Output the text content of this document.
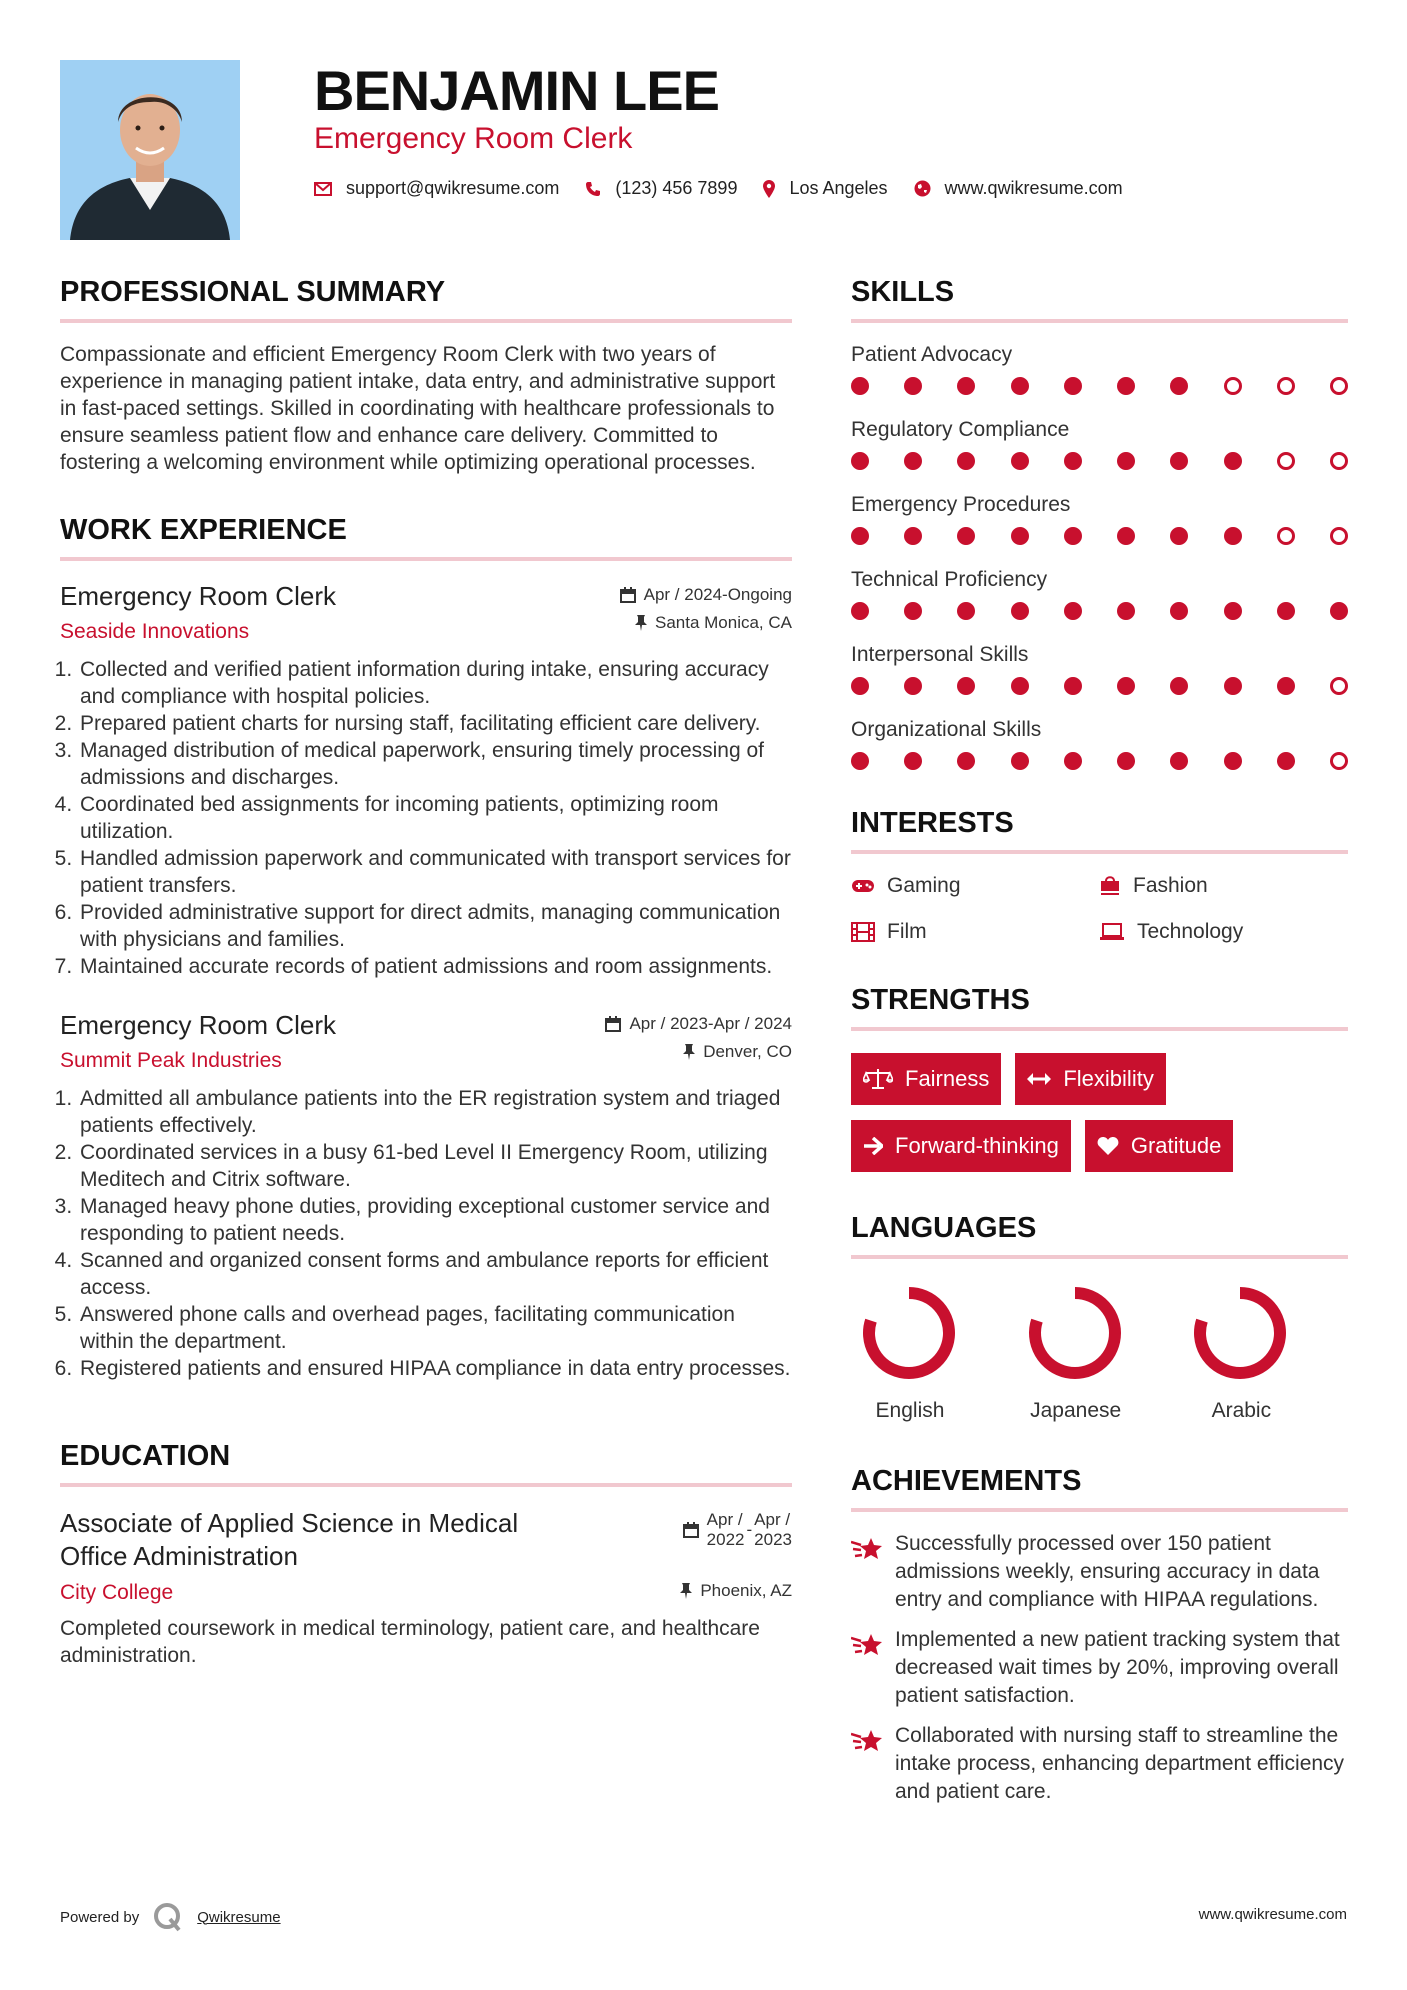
BENJAMIN LEE
Emergency Room Clerk
support@qwikresume.com	(123) 456 7899	Los Angeles	www.qwikresume.com
PROFESSIONAL SUMMARY

Compassionate and efficient Emergency Room Clerk with two years of experience in managing patient intake, data entry, and administrative support in fast-paced settings. Skilled in coordinating with healthcare professionals to ensure seamless patient flow and enhance care delivery. Committed to fostering a welcoming environment while optimizing operational processes.

WORK EXPERIENCE
Emergency Room Clerk
Seaside Innovations
Apr / 2024-Ongoing
Santa Monica, CA
1. Collected and verified patient information during intake, ensuring accuracy and compliance with hospital policies.
2. Prepared patient charts for nursing staff, facilitating efficient care delivery.
3. Managed distribution of medical paperwork, ensuring timely processing of admissions and discharges.
4. Coordinated bed assignments for incoming patients, optimizing room utilization.
5. Handled admission paperwork and communicated with transport services for patient transfers.
6. Provided administrative support for direct admits, managing communication with physicians and families.
7. Maintained accurate records of patient admissions and room assignments.
Emergency Room Clerk
Summit Peak Industries
Apr / 2023-Apr / 2024
Denver, CO
1. Admitted all ambulance patients into the ER registration system and triaged patients effectively.
2. Coordinated services in a busy 61-bed Level II Emergency Room, utilizing Meditech and Citrix software.
3. Managed heavy phone duties, providing exceptional customer service and responding to patient needs.
4. Scanned and organized consent forms and ambulance reports for efficient access.
5. Answered phone calls and overhead pages, facilitating communication within the department.
6. Registered patients and ensured HIPAA compliance in data entry processes.
EDUCATION
Associate of Applied Science in Medical Office Administration
City College
Apr /
2022
-
Apr /
2023
Phoenix, AZ

Completed coursework in medical terminology, patient care, and healthcare administration.

SKILLS
Patient Advocacy
Regulatory Compliance
Emergency Procedures
Technical Proficiency
Interpersonal Skills
Organizational Skills
INTERESTS
Gaming	Fashion
Film	Technology
STRENGTHS
Fairness	Flexibility
Forward-thinking	Gratitude
LANGUAGES
English	Japanese	Arabic
ACHIEVEMENTS
Successfully processed over 150 patient admissions weekly, ensuring accuracy in data entry and compliance with HIPAA regulations.
Implemented a new patient tracking system that decreased wait times by 20%, improving overall patient satisfaction.
Collaborated with nursing staff to streamline the intake process, enhancing department efficiency and patient care.
Powered by	Qwikresume	www.qwikresume.com
